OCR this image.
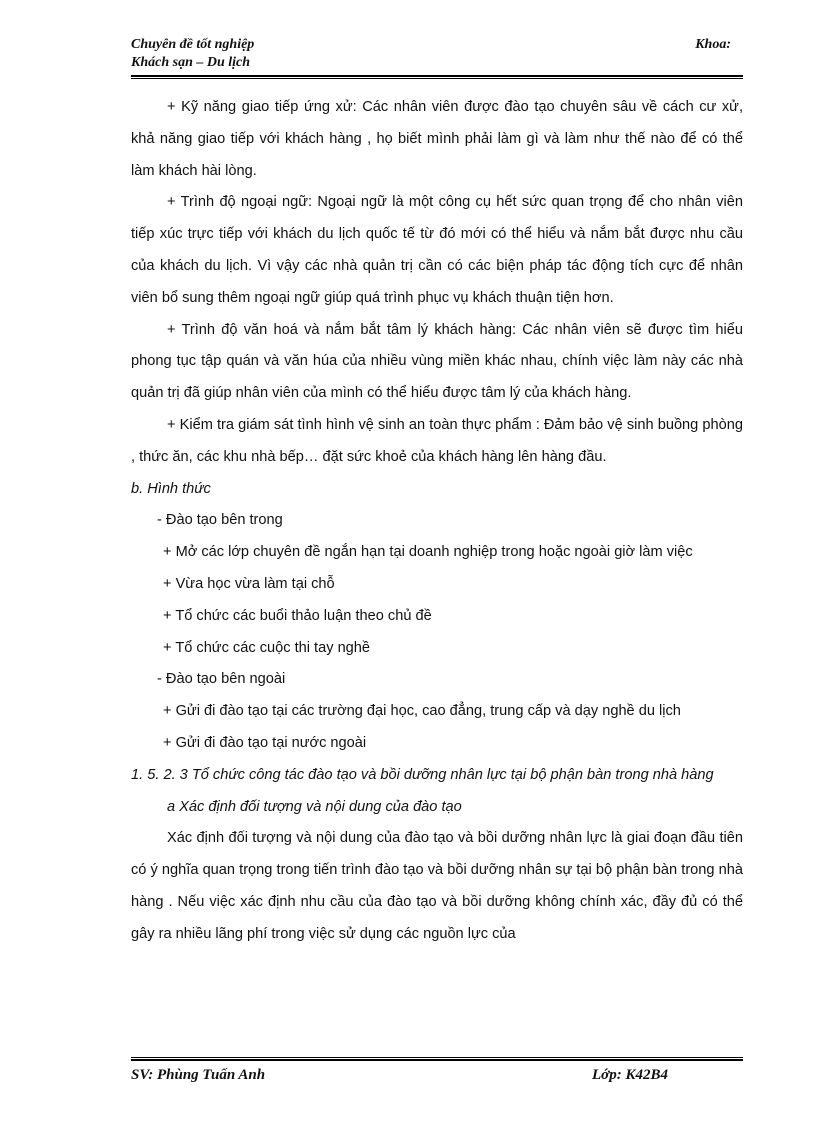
Chuyên đề tốt nghiệp
Khách sạn – Du lịch
Khoa:

+ Kỹ năng giao tiếp ứng xử: Các nhân viên được đào tạo chuyên sâu về cách cư xử, khả năng giao tiếp với khách hàng , họ biết mình phải làm gì và làm như thế nào để có thể làm khách hài lòng.

+ Trình độ ngoại ngữ: Ngoại ngữ là một công cụ hết sức quan trọng để cho nhân viên tiếp xúc trực tiếp với khách du lịch quốc tế từ đó mới có thể hiểu và nắm bắt được nhu cầu của khách du lịch. Vì vậy các nhà quản trị cần có các biện pháp tác động tích cực để nhân viên bổ sung thêm ngoại ngữ giúp quá trình phục vụ khách thuận tiện hơn.

+ Trình độ văn hoá và nắm bắt tâm lý khách hàng: Các nhân viên sẽ được tìm hiểu phong tục tập quán và văn húa của nhiều vùng miền khác nhau, chính việc làm này các nhà quản trị đã giúp nhân viên của mình có thể hiểu được tâm lý của khách hàng.

+ Kiểm tra giám sát tình hình vệ sinh an toàn thực phẩm : Đảm bảo vệ sinh buồng phòng , thức ăn, các khu nhà bếp… đặt sức khoẻ của khách hàng lên hàng đầu.

b. Hình thức

- Đào tạo bên trong

+ Mở các lớp chuyên đề ngắn hạn tại doanh nghiệp trong hoặc ngoài giờ làm việc

+ Vừa học vừa làm tại chỗ

+ Tổ chức các buổi thảo luận theo chủ đề

+ Tổ chức các cuộc thi tay nghề

- Đào tạo bên ngoài

+ Gửi đi đào tạo tại các trường đại học, cao đẳng, trung cấp và dạy nghề du lịch

+ Gửi đi đào tạo tại nước ngoài

1. 5. 2. 3 Tổ chức công tác đào tạo và bồi dưỡng nhân lực tại bộ phận bàn trong nhà hàng

a Xác định đối tượng và nội dung của đào tạo

Xác định đối tượng và nội dung của đào tạo và bồi dưỡng nhân lực là giai đoạn đầu tiên có ý nghĩa quan trọng trong tiến trình đào tạo và bồi dưỡng nhân sự tại bộ phận bàn trong nhà hàng . Nếu việc xác định nhu cầu của đào tạo và bồi dưỡng không chính xác, đầy đủ có thể gây ra nhiều lãng phí trong việc sử dụng các nguồn lực của

SV: Phùng Tuấn Anh	Lớp: K42B4
